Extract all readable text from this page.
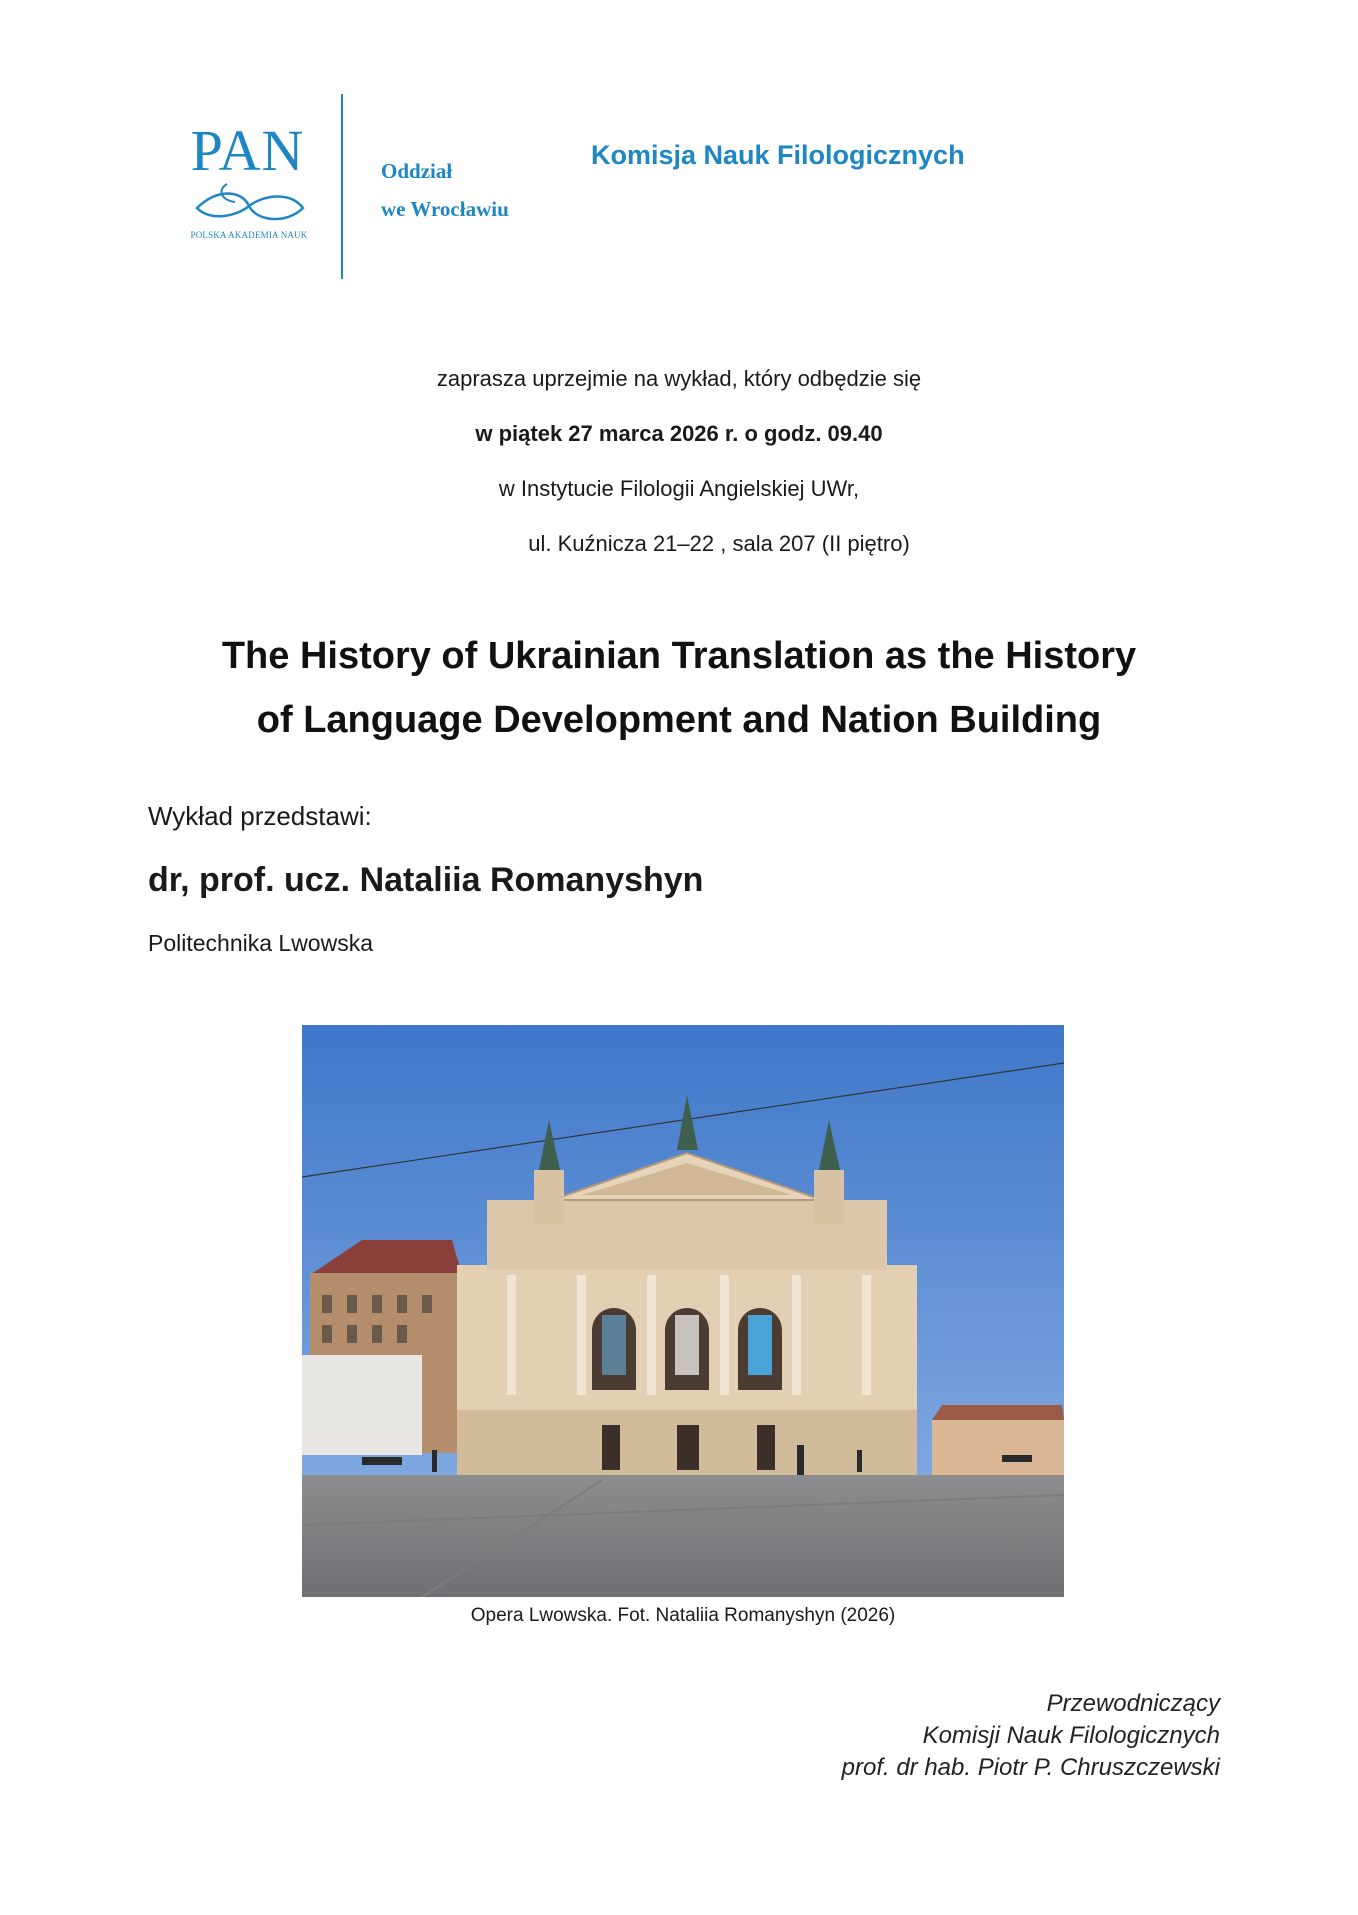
PAN
POLSKA AKADEMIA NAUK
Oddział
we Wrocławiu
Komisja Nauk Filologicznych
zaprasza uprzejmie na wykład, który odbędzie się
w piątek 27 marca 2026 r. o godz. 09.40
w Instytucie Filologii Angielskiej UWr,
ul. Kuźnicza 21–22 , sala 207 (II piętro)
The History of Ukrainian Translation as the History
of Language Development and Nation Building
Wykład przedstawi:
dr, prof. ucz. Nataliia Romanyshyn
Politechnika Lwowska
Opera Lwowska. Fot. Nataliia Romanyshyn (2026)
Przewodniczący
Komisji Nauk Filologicznych
prof. dr hab. Piotr P. Chruszczewski
